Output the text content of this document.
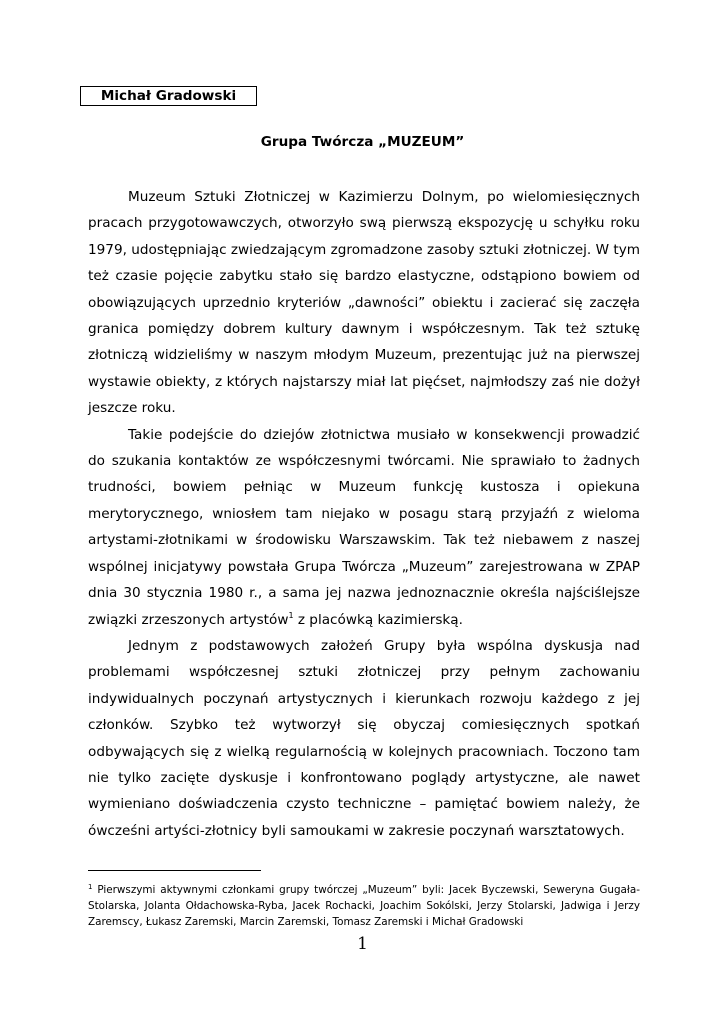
Michał Gradowski
Grupa Twórcza „MUZEUM”

Muzeum Sztuki Złotniczej w Kazimierzu Dolnym, po wielomiesięcznych pracach przygotowawczych, otworzyło swą pierwszą ekspozycję u schyłku roku 1979, udostępniając zwiedzającym zgromadzone zasoby sztuki złotniczej. W tym też czasie pojęcie zabytku stało się bardzo elastyczne, odstąpiono bowiem od obowiązujących uprzednio kryteriów „dawności” obiektu i zacierać się zaczęła granica pomiędzy dobrem kultury dawnym i współczesnym. Tak też sztukę złotniczą widzieliśmy w naszym młodym Muzeum, prezentując już na pierwszej wystawie obiekty, z których najstarszy miał lat pięćset, najmłodszy zaś nie dożył jeszcze roku.

Takie podejście do dziejów złotnictwa musiało w konsekwencji prowadzić do szukania kontaktów ze współczesnymi twórcami. Nie sprawiało to żadnych trudności, bowiem pełniąc w Muzeum funkcję kustosza i opiekuna merytorycznego, wniosłem tam niejako w posagu starą przyjaźń z wieloma artystami-złotnikami w środowisku Warszawskim. Tak też niebawem z naszej wspólnej inicjatywy powstała Grupa Twórcza „Muzeum” zarejestrowana w ZPAP dnia 30 stycznia 1980 r., a sama jej nazwa jednoznacznie określa najściślejsze związki zrzeszonych artystów$^1$ z placówką kazimierską.

Jednym z podstawowych założeń Grupy była wspólna dyskusja nad problemami współczesnej sztuki złotniczej przy pełnym zachowaniu indywidualnych poczynań artystycznych i kierunkach rozwoju każdego z jej członków. Szybko też wytworzył się obyczaj comiesięcznych spotkań odbywających się z wielką regularnością w kolejnych pracowniach. Toczono tam nie tylko zacięte dyskusje i konfrontowano poglądy artystyczne, ale nawet wymieniano doświadczenia czysto techniczne – pamiętać bowiem należy, że ówcześni artyści-złotnicy byli samoukami w zakresie poczynań warsztatowych.

$^1$ Pierwszymi aktywnymi członkami grupy twórczej „Muzeum” byli: Jacek Byczewski, Seweryna Gugała-Stolarska, Jolanta Ołdachowska-Ryba, Jacek Rochacki, Joachim Sokólski, Jerzy Stolarski, Jadwiga i Jerzy Zaremscy, Łukasz Zaremski, Marcin Zaremski, Tomasz Zaremski i Michał Gradowski

1
